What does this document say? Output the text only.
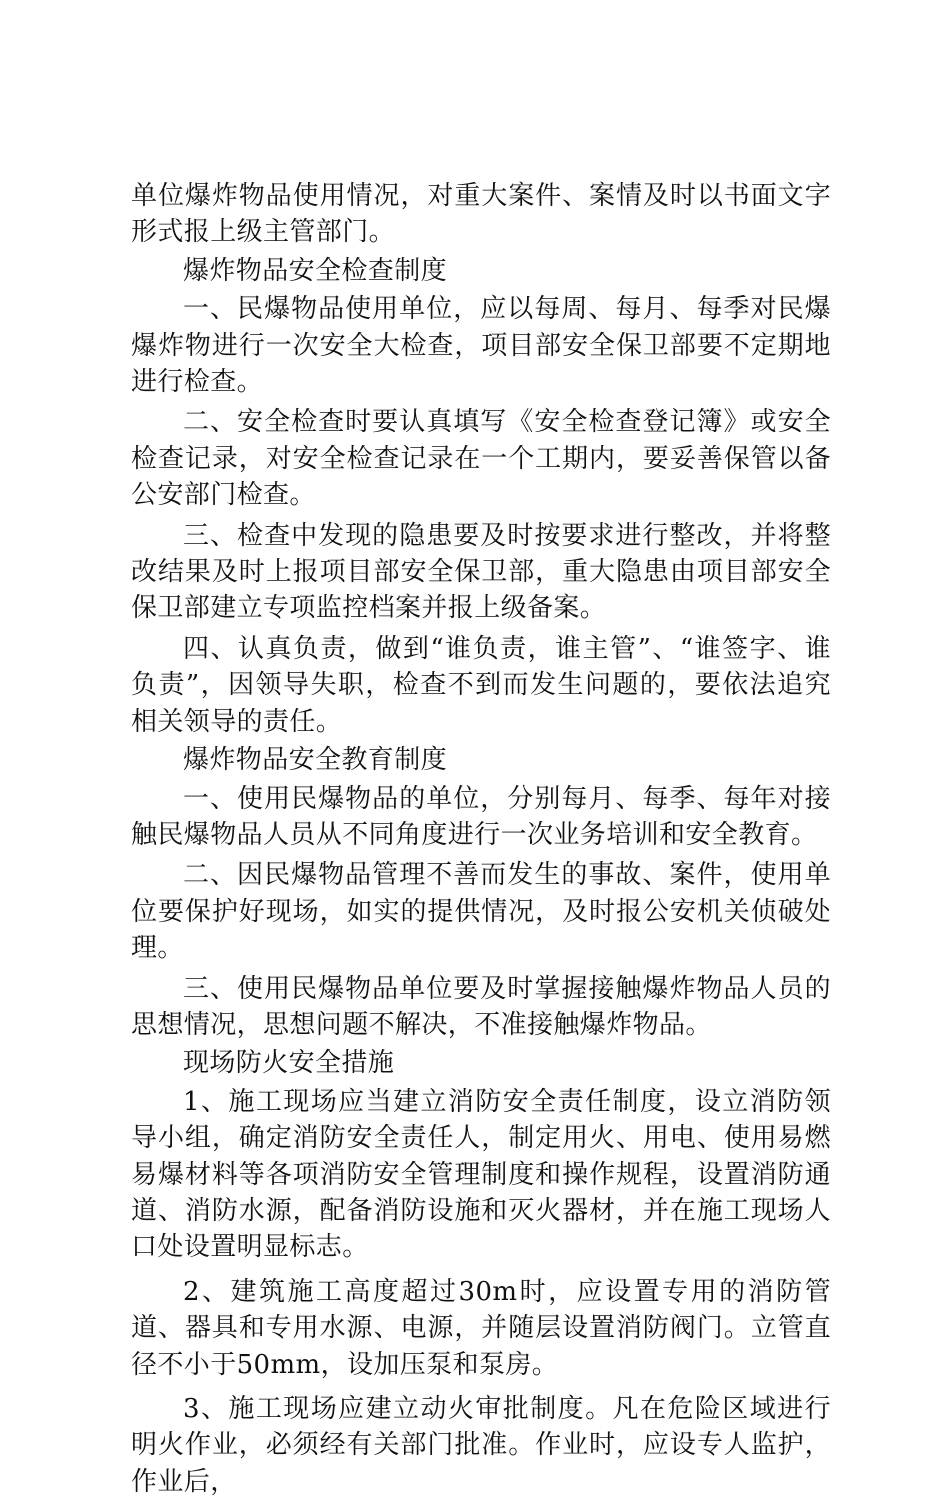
单位爆炸物品使用情况，对重大案件、案情及时以书面文字形式报上级主管部门。

爆炸物品安全检查制度

一、民爆物品使用单位，应以每周、每月、每季对民爆爆炸物进行一次安全大检查，项目部安全保卫部要不定期地进行检查。

二、安全检查时要认真填写《安全检查登记簿》或安全检查记录，对安全检查记录在一个工期内，要妥善保管以备公安部门检查。

三、检查中发现的隐患要及时按要求进行整改，并将整改结果及时上报项目部安全保卫部，重大隐患由项目部安全保卫部建立专项监控档案并报上级备案。

四、认真负责，做到“谁负责，谁主管”、“谁签字、谁负责”，因领导失职，检查不到而发生问题的，要依法追究相关领导的责任。

爆炸物品安全教育制度

一、使用民爆物品的单位，分别每月、每季、每年对接触民爆物品人员从不同角度进行一次业务培训和安全教育。

二、因民爆物品管理不善而发生的事故、案件，使用单位要保护好现场，如实的提供情况，及时报公安机关侦破处理。

三、使用民爆物品单位要及时掌握接触爆炸物品人员的思想情况，思想问题不解决，不准接触爆炸物品。

现场防火安全措施

1、施工现场应当建立消防安全责任制度，设立消防领导小组，确定消防安全责任人，制定用火、用电、使用易燃易爆材料等各项消防安全管理制度和操作规程，设置消防通道、消防水源，配备消防设施和灭火器材，并在施工现场人口处设置明显标志。

2、建筑施工高度超过30m时，应设置专用的消防管道、器具和专用水源、电源，并随层设置消防阀门。立管直径不小于50mm，设加压泵和泵房。

3、施工现场应建立动火审批制度。凡在危险区域进行明火作业，必须经有关部门批准。作业时，应设专人监护，作业后，
